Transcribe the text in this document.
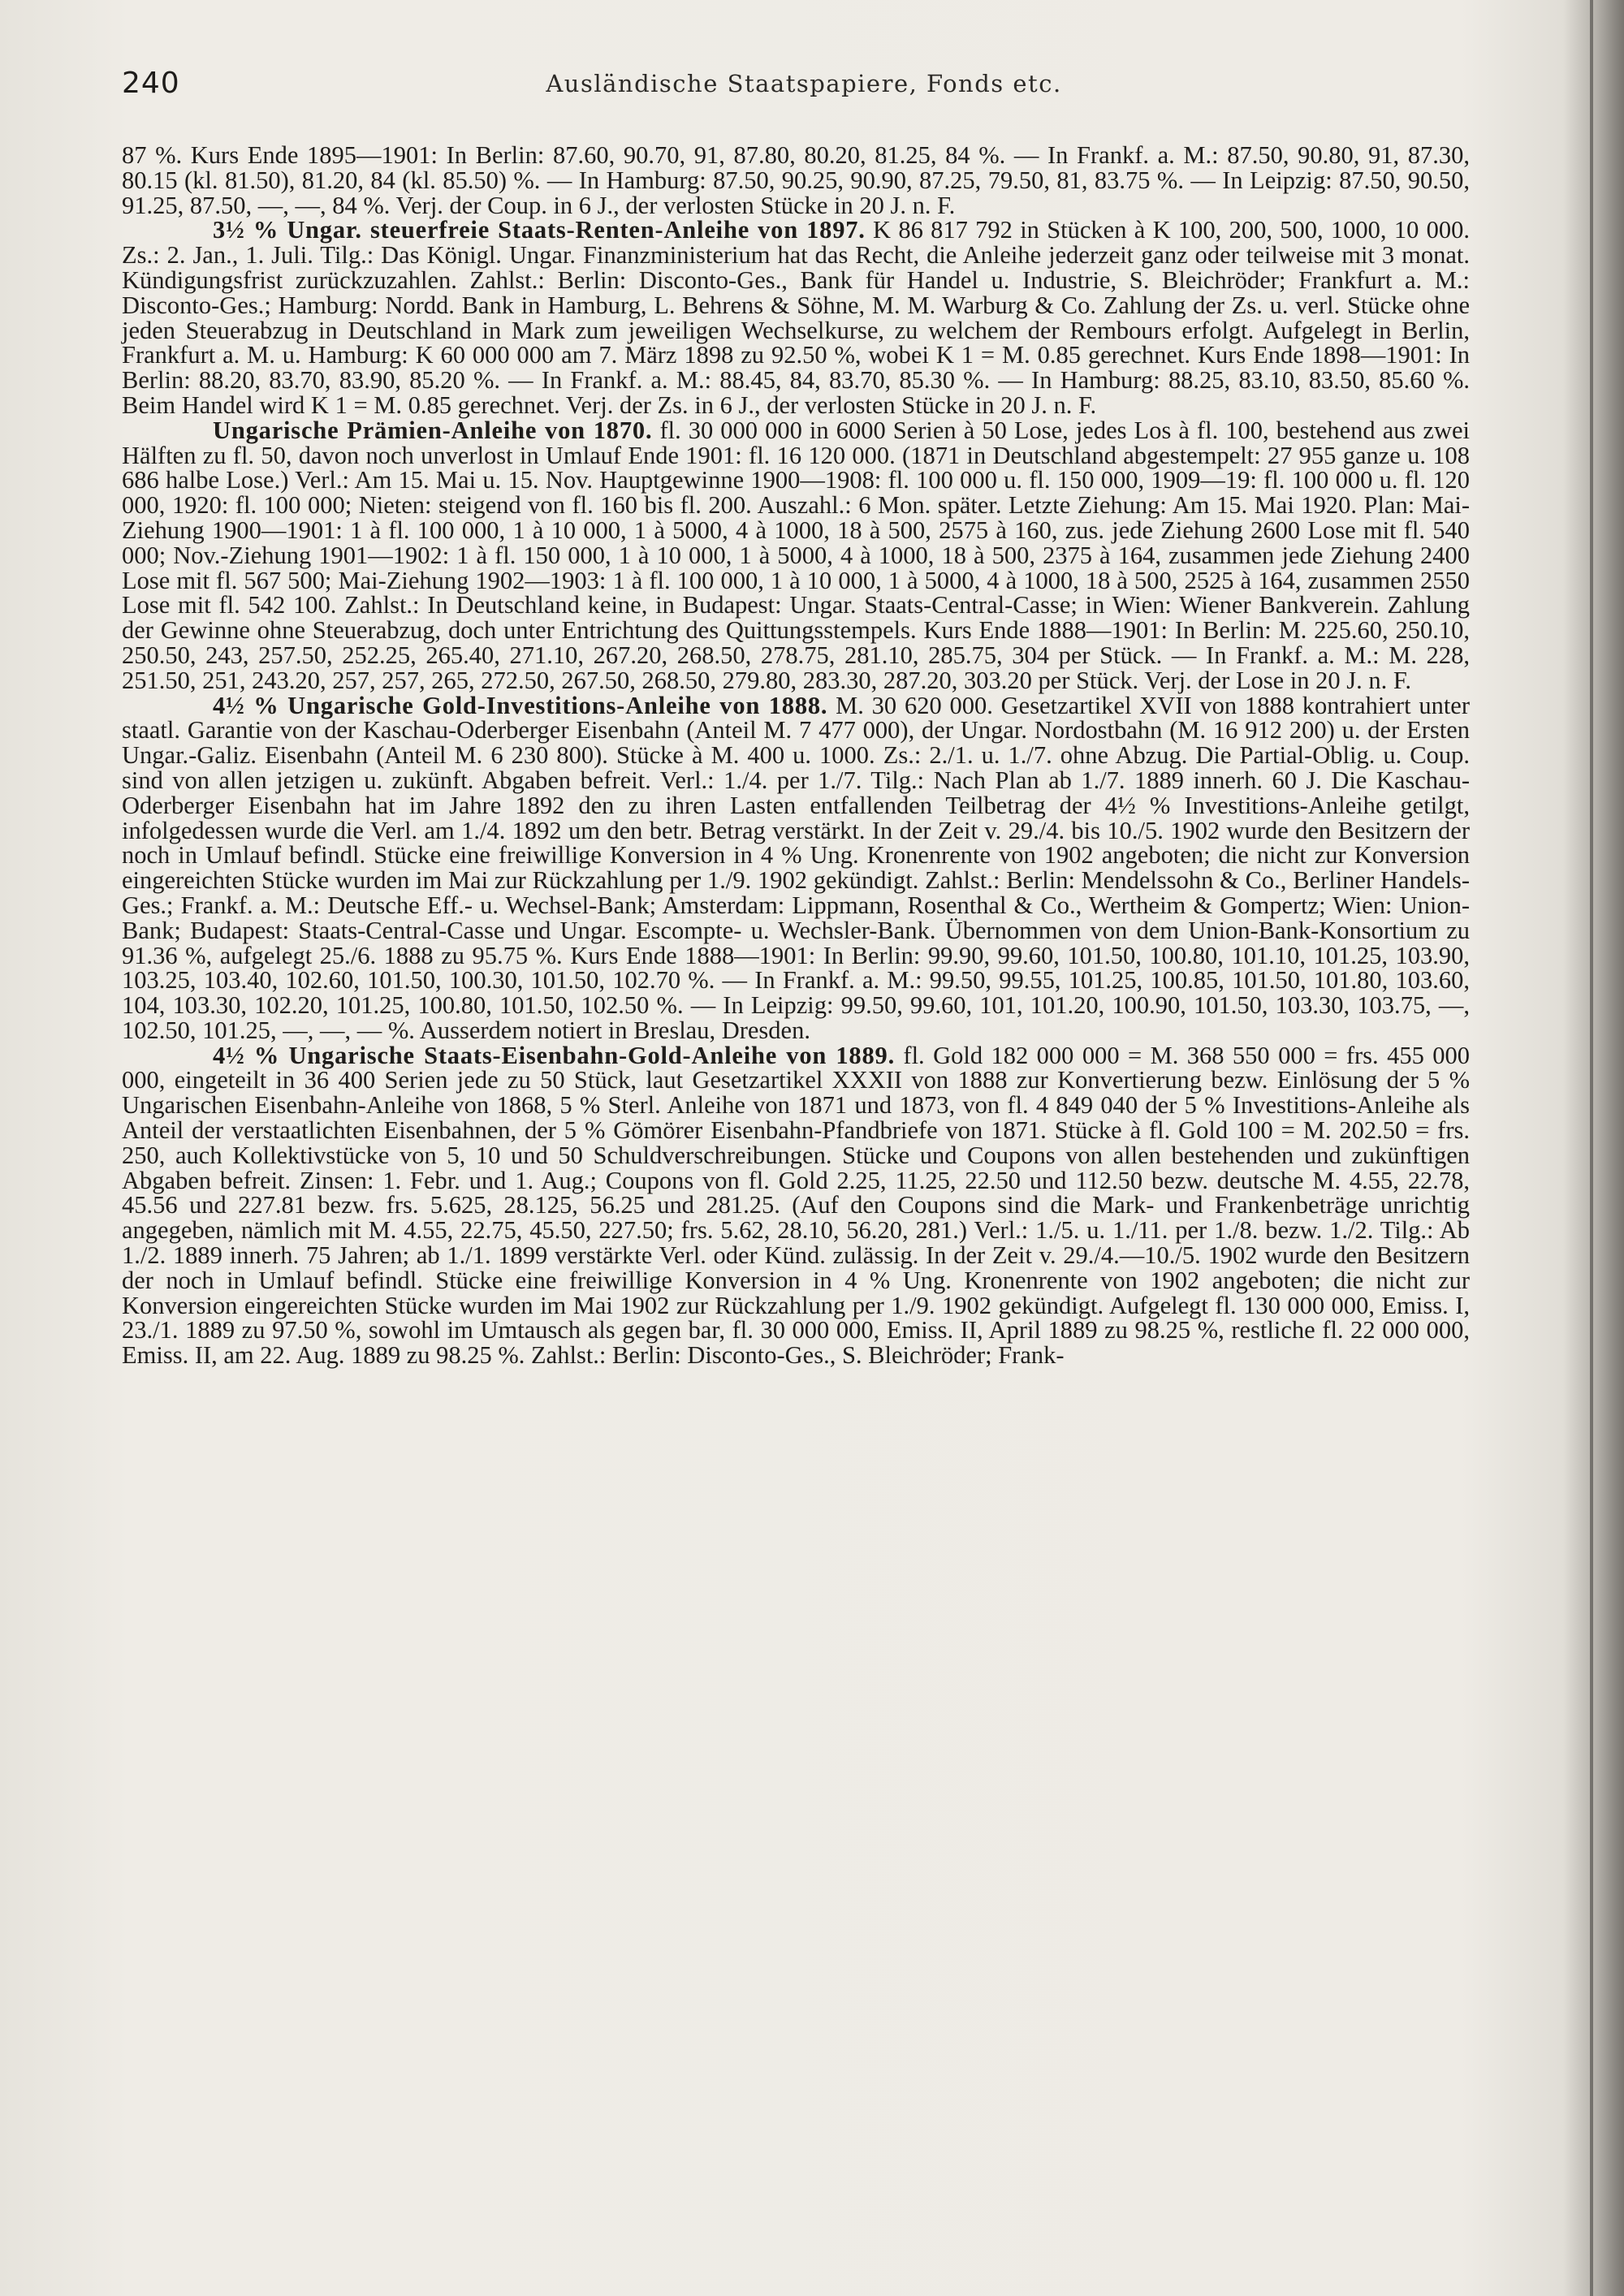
240	Ausländische Staatspapiere, Fonds etc.

87 %. Kurs Ende 1895—1901: In Berlin: 87.60, 90.70, 91, 87.80, 80.20, 81.25, 84 %. — In Frankf. a. M.: 87.50, 90.80, 91, 87.30, 80.15 (kl. 81.50), 81.20, 84 (kl. 85.50) %. — In Hamburg: 87.50, 90.25, 90.90, 87.25, 79.50, 81, 83.75 %. — In Leipzig: 87.50, 90.50, 91.25, 87.50, —, —, 84 %. Verj. der Coup. in 6 J., der verlosten Stücke in 20 J. n. F.

3½ % Ungar. steuerfreie Staats-Renten-Anleihe von 1897. K 86 817 792 in Stücken à K 100, 200, 500, 1000, 10 000. Zs.: 2. Jan., 1. Juli. Tilg.: Das Königl. Ungar. Finanzministerium hat das Recht, die Anleihe jederzeit ganz oder teilweise mit 3 monat. Kündigungsfrist zurückzuzahlen. Zahlst.: Berlin: Disconto-Ges., Bank für Handel u. Industrie, S. Bleichröder; Frankfurt a. M.: Disconto-Ges.; Hamburg: Nordd. Bank in Hamburg, L. Behrens & Söhne, M. M. Warburg & Co. Zahlung der Zs. u. verl. Stücke ohne jeden Steuerabzug in Deutschland in Mark zum jeweiligen Wechselkurse, zu welchem der Rembours erfolgt. Aufgelegt in Berlin, Frankfurt a. M. u. Hamburg: K 60 000 000 am 7. März 1898 zu 92.50 %, wobei K 1 = M. 0.85 gerechnet. Kurs Ende 1898—1901: In Berlin: 88.20, 83.70, 83.90, 85.20 %. — In Frankf. a. M.: 88.45, 84, 83.70, 85.30 %. — In Hamburg: 88.25, 83.10, 83.50, 85.60 %. Beim Handel wird K 1 = M. 0.85 gerechnet. Verj. der Zs. in 6 J., der verlosten Stücke in 20 J. n. F.

Ungarische Prämien-Anleihe von 1870. fl. 30 000 000 in 6000 Serien à 50 Lose, jedes Los à fl. 100, bestehend aus zwei Hälften zu fl. 50, davon noch unverlost in Umlauf Ende 1901: fl. 16 120 000. (1871 in Deutschland abgestempelt: 27 955 ganze u. 108 686 halbe Lose.) Verl.: Am 15. Mai u. 15. Nov. Hauptgewinne 1900—1908: fl. 100 000 u. fl. 150 000, 1909—19: fl. 100 000 u. fl. 120 000, 1920: fl. 100 000; Nieten: steigend von fl. 160 bis fl. 200. Auszahl.: 6 Mon. später. Letzte Ziehung: Am 15. Mai 1920. Plan: Mai-Ziehung 1900—1901: 1 à fl. 100 000, 1 à 10 000, 1 à 5000, 4 à 1000, 18 à 500, 2575 à 160, zus. jede Ziehung 2600 Lose mit fl. 540 000; Nov.-Ziehung 1901—1902: 1 à fl. 150 000, 1 à 10 000, 1 à 5000, 4 à 1000, 18 à 500, 2375 à 164, zusammen jede Ziehung 2400 Lose mit fl. 567 500; Mai-Ziehung 1902—1903: 1 à fl. 100 000, 1 à 10 000, 1 à 5000, 4 à 1000, 18 à 500, 2525 à 164, zusammen 2550 Lose mit fl. 542 100. Zahlst.: In Deutschland keine, in Budapest: Ungar. Staats-Central-Casse; in Wien: Wiener Bankverein. Zahlung der Gewinne ohne Steuerabzug, doch unter Entrichtung des Quittungsstempels. Kurs Ende 1888—1901: In Berlin: M. 225.60, 250.10, 250.50, 243, 257.50, 252.25, 265.40, 271.10, 267.20, 268.50, 278.75, 281.10, 285.75, 304 per Stück. — In Frankf. a. M.: M. 228, 251.50, 251, 243.20, 257, 257, 265, 272.50, 267.50, 268.50, 279.80, 283.30, 287.20, 303.20 per Stück. Verj. der Lose in 20 J. n. F.

4½ % Ungarische Gold-Investitions-Anleihe von 1888. M. 30 620 000. Gesetzartikel XVII von 1888 kontrahiert unter staatl. Garantie von der Kaschau-Oderberger Eisenbahn (Anteil M. 7 477 000), der Ungar. Nordostbahn (M. 16 912 200) u. der Ersten Ungar.-Galiz. Eisenbahn (Anteil M. 6 230 800). Stücke à M. 400 u. 1000. Zs.: 2./1. u. 1./7. ohne Abzug. Die Partial-Oblig. u. Coup. sind von allen jetzigen u. zukünft. Abgaben befreit. Verl.: 1./4. per 1./7. Tilg.: Nach Plan ab 1./7. 1889 innerh. 60 J. Die Kaschau-Oderberger Eisenbahn hat im Jahre 1892 den zu ihren Lasten entfallenden Teilbetrag der 4½ % Investitions-Anleihe getilgt, infolgedessen wurde die Verl. am 1./4. 1892 um den betr. Betrag verstärkt. In der Zeit v. 29./4. bis 10./5. 1902 wurde den Besitzern der noch in Umlauf befindl. Stücke eine freiwillige Konversion in 4 % Ung. Kronenrente von 1902 angeboten; die nicht zur Konversion eingereichten Stücke wurden im Mai zur Rückzahlung per 1./9. 1902 gekündigt. Zahlst.: Berlin: Mendelssohn & Co., Berliner Handels-Ges.; Frankf. a. M.: Deutsche Eff.- u. Wechsel-Bank; Amsterdam: Lippmann, Rosenthal & Co., Wertheim & Gompertz; Wien: Union-Bank; Budapest: Staats-Central-Casse und Ungar. Escompte- u. Wechsler-Bank. Übernommen von dem Union-Bank-Konsortium zu 91.36 %, aufgelegt 25./6. 1888 zu 95.75 %. Kurs Ende 1888—1901: In Berlin: 99.90, 99.60, 101.50, 100.80, 101.10, 101.25, 103.90, 103.25, 103.40, 102.60, 101.50, 100.30, 101.50, 102.70 %. — In Frankf. a. M.: 99.50, 99.55, 101.25, 100.85, 101.50, 101.80, 103.60, 104, 103.30, 102.20, 101.25, 100.80, 101.50, 102.50 %. — In Leipzig: 99.50, 99.60, 101, 101.20, 100.90, 101.50, 103.30, 103.75, —, 102.50, 101.25, —, —, — %. Ausserdem notiert in Breslau, Dresden.

4½ % Ungarische Staats-Eisenbahn-Gold-Anleihe von 1889. fl. Gold 182 000 000 = M. 368 550 000 = frs. 455 000 000, eingeteilt in 36 400 Serien jede zu 50 Stück, laut Gesetzartikel XXXII von 1888 zur Konvertierung bezw. Einlösung der 5 % Ungarischen Eisenbahn-Anleihe von 1868, 5 % Sterl. Anleihe von 1871 und 1873, von fl. 4 849 040 der 5 % Investitions-Anleihe als Anteil der verstaatlichten Eisenbahnen, der 5 % Gömörer Eisenbahn-Pfandbriefe von 1871. Stücke à fl. Gold 100 = M. 202.50 = frs. 250, auch Kollektivstücke von 5, 10 und 50 Schuldverschreibungen. Stücke und Coupons von allen bestehenden und zukünftigen Abgaben befreit. Zinsen: 1. Febr. und 1. Aug.; Coupons von fl. Gold 2.25, 11.25, 22.50 und 112.50 bezw. deutsche M. 4.55, 22.78, 45.56 und 227.81 bezw. frs. 5.625, 28.125, 56.25 und 281.25. (Auf den Coupons sind die Mark- und Frankenbeträge unrichtig angegeben, nämlich mit M. 4.55, 22.75, 45.50, 227.50; frs. 5.62, 28.10, 56.20, 281.) Verl.: 1./5. u. 1./11. per 1./8. bezw. 1./2. Tilg.: Ab 1./2. 1889 innerh. 75 Jahren; ab 1./1. 1899 verstärkte Verl. oder Künd. zulässig. In der Zeit v. 29./4.—10./5. 1902 wurde den Besitzern der noch in Umlauf befindl. Stücke eine freiwillige Konversion in 4 % Ung. Kronenrente von 1902 angeboten; die nicht zur Konversion eingereichten Stücke wurden im Mai 1902 zur Rückzahlung per 1./9. 1902 gekündigt. Aufgelegt fl. 130 000 000, Emiss. I, 23./1. 1889 zu 97.50 %, sowohl im Umtausch als gegen bar, fl. 30 000 000, Emiss. II, April 1889 zu 98.25 %, restliche fl. 22 000 000, Emiss. II, am 22. Aug. 1889 zu 98.25 %. Zahlst.: Berlin: Disconto-Ges., S. Bleichröder; Frank-
